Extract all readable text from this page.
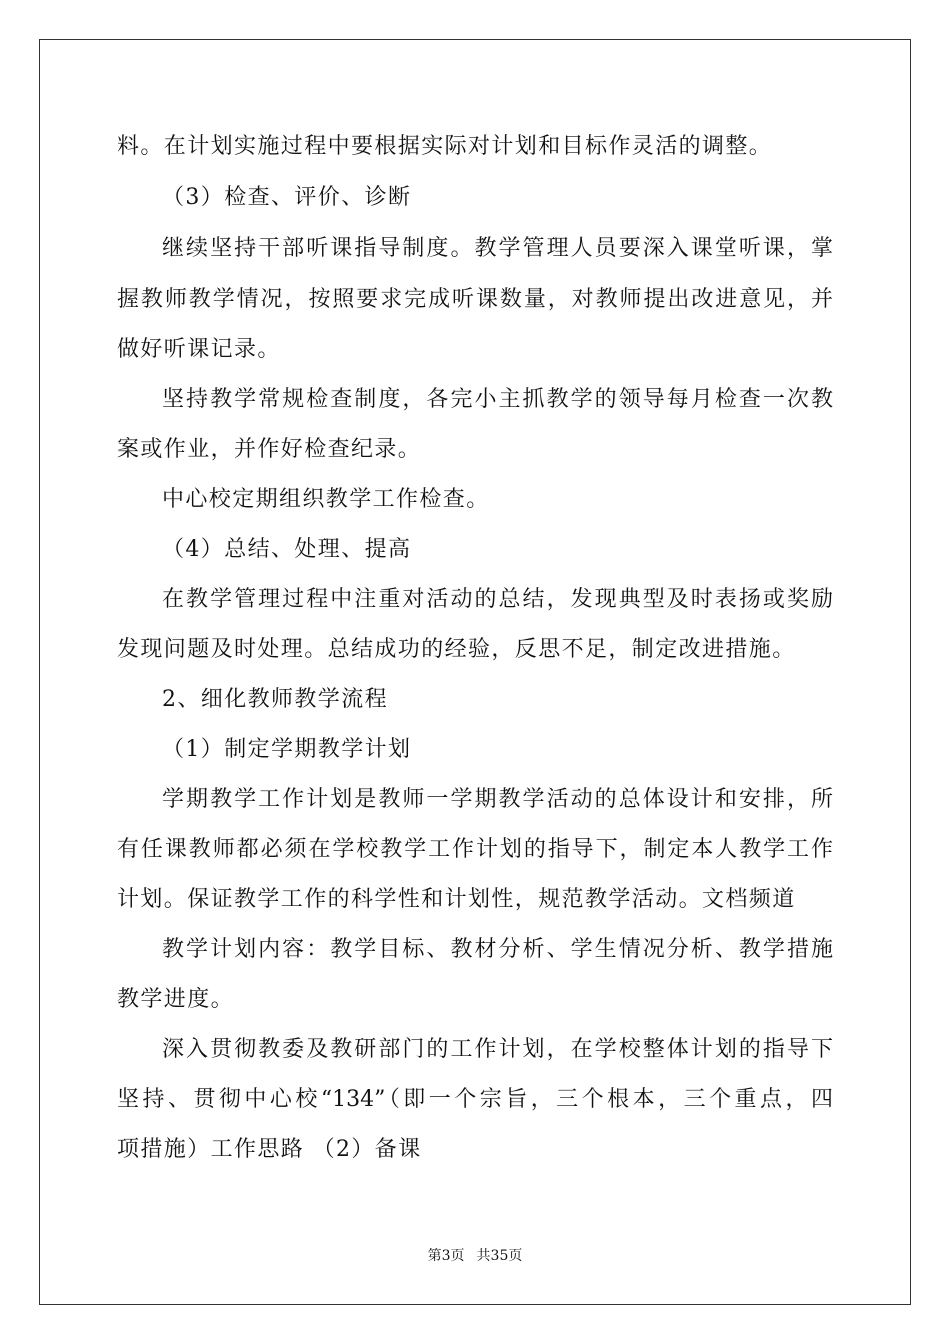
料。在计划实施过程中要根据实际对计划和目标作灵活的调整。
（3）检查、评价、诊断
继续坚持干部听课指导制度。教学管理人员要深入课堂听课，掌
握教师教学情况，按照要求完成听课数量，对教师提出改进意见，并
做好听课记录。
坚持教学常规检查制度，各完小主抓教学的领导每月检查一次教
案或作业，并作好检查纪录。
中心校定期组织教学工作检查。
（4）总结、处理、提高
在教学管理过程中注重对活动的总结，发现典型及时表扬或奖励
发现问题及时处理。总结成功的经验，反思不足，制定改进措施。
2、细化教师教学流程
（1）制定学期教学计划
学期教学工作计划是教师一学期教学活动的总体设计和安排，所
有任课教师都必须在学校教学工作计划的指导下，制定本人教学工作
计划。保证教学工作的科学性和计划性，规范教学活动。文档频道
教学计划内容：教学目标、教材分析、学生情况分析、教学措施
教学进度。
深入贯彻教委及教研部门的工作计划，在学校整体计划的指导下
坚持、贯彻中心校“134”（即一个宗旨，三个根本，三个重点，四
项措施）工作思路 （2）备课
第3页 共35页
